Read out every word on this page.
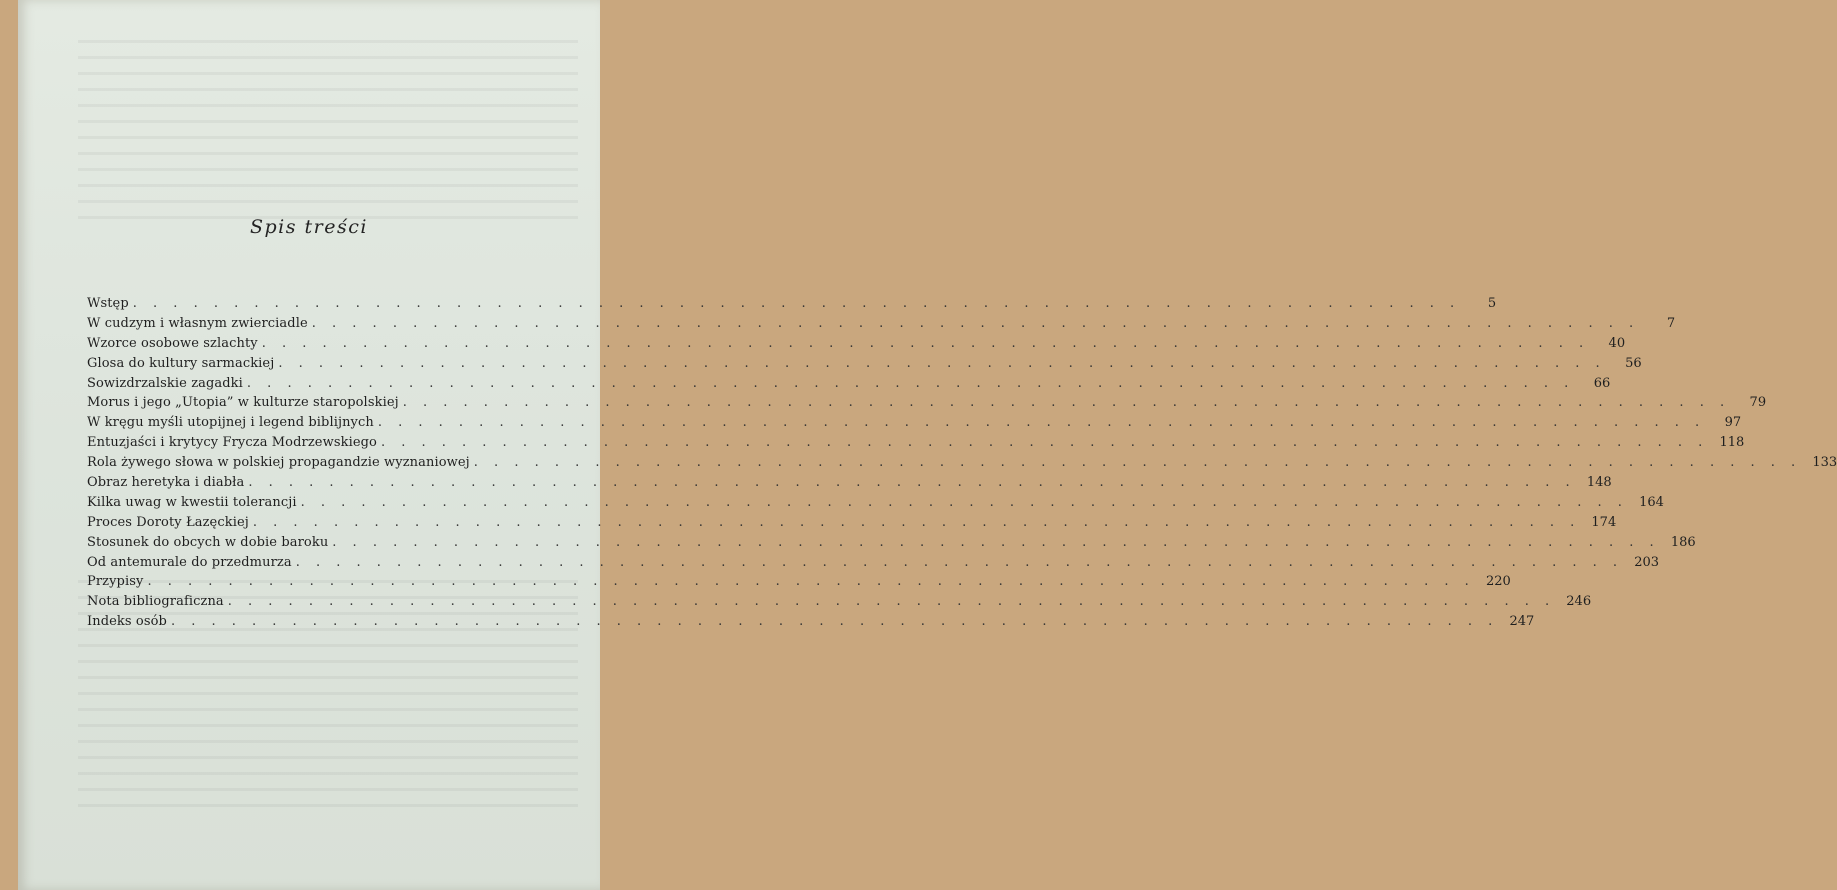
Spis treści
Wstęp . . .	5
W cudzym i własnym zwierciadle . . .	7
Wzorce osobowe szlachty . . .	40
Glosa do kultury sarmackiej . . .	56
Sowizdrzalskie zagadki . . .	66
Morus i jego „Utopia” w kulturze staropolskiej . . .	79
W kręgu myśli utopijnej i legend biblijnych . . .	97
Entuzjaści i krytycy Frycza Modrzewskiego . . .	118
Rola żywego słowa w polskiej propagandzie wyznaniowej . . .	133
Obraz heretyka i diabła . . .	148
Kilka uwag w kwestii tolerancji . . .	164
Proces Doroty Łazęckiej . . .	174
Stosunek do obcych w dobie baroku . . .	186
Od antemurale do przedmurza . . .	203
Przypisy . . .	220
Nota bibliograficzna . . .	246
Indeks osób . . .	247
